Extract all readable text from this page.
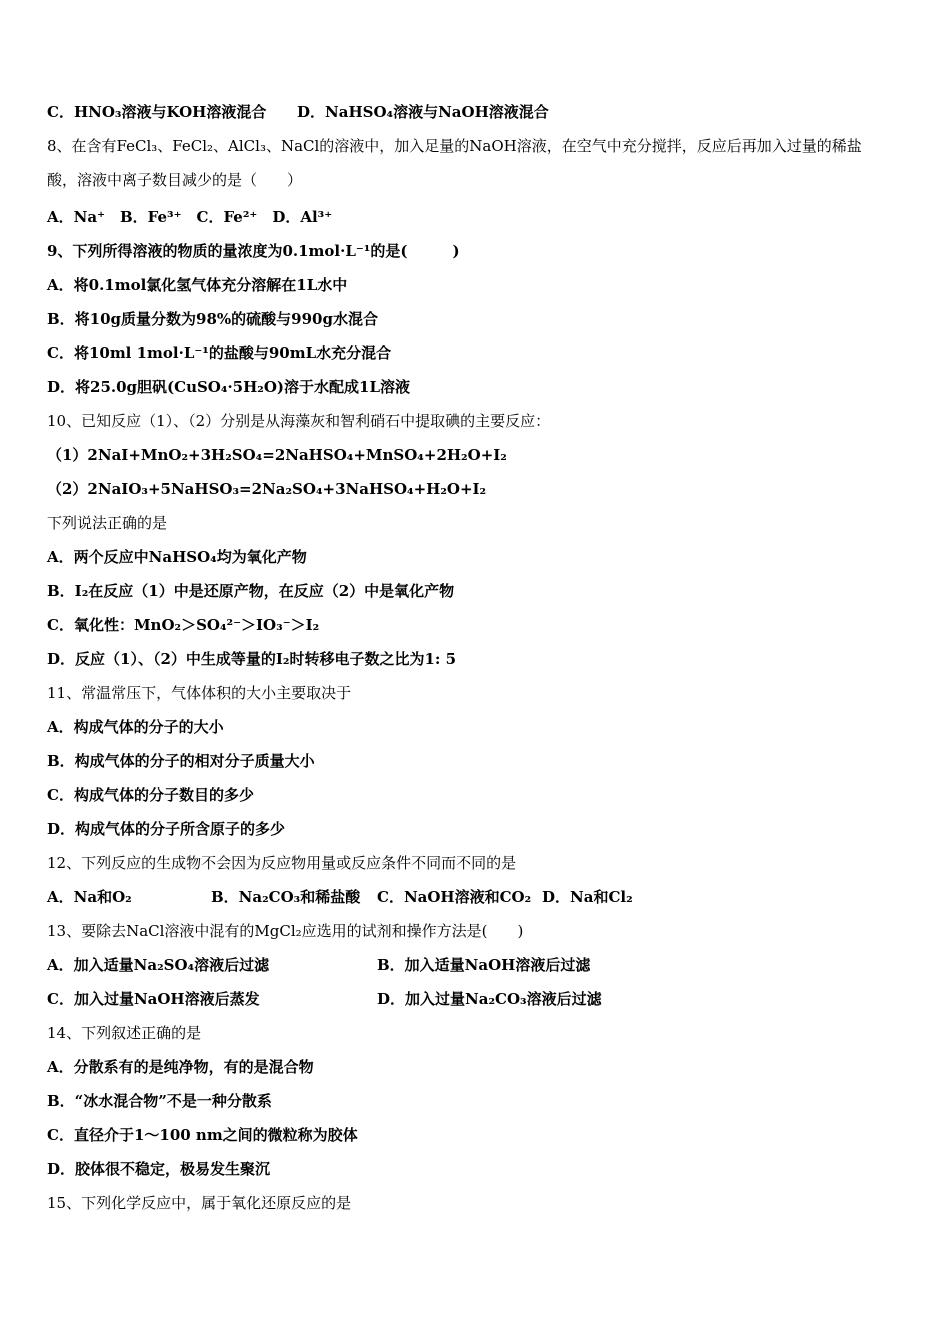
C．HNO₃溶液与KOH溶液混合 D．NaHSO₄溶液与NaOH溶液混合
8、在含有FeCl₃、FeCl₂、AlCl₃、NaCl的溶液中，加入足量的NaOH溶液，在空气中充分搅拌，反应后再加入过量的稀盐
酸，溶液中离子数目减少的是（　　）
A．Na⁺　B．Fe³⁺　C．Fe²⁺　D．Al³⁺
9、下列所得溶液的物质的量浓度为0.1mol·L⁻¹的是(　　　)
A．将0.1mol氯化氢气体充分溶解在1L水中
B．将10g质量分数为98%的硫酸与990g水混合
C．将10ml 1mol·L⁻¹的盐酸与90mL水充分混合
D．将25.0g胆矾(CuSO₄·5H₂O)溶于水配成1L溶液
10、已知反应（1）、（2）分别是从海藻灰和智利硝石中提取碘的主要反应：
（1）2NaI+MnO₂+3H₂SO₄=2NaHSO₄+MnSO₄+2H₂O+I₂
（2）2NaIO₃+5NaHSO₃=2Na₂SO₄+3NaHSO₄+H₂O+I₂
下列说法正确的是
A．两个反应中NaHSO₄均为氧化产物
B．I₂在反应（1）中是还原产物，在反应（2）中是氧化产物
C．氧化性：MnO₂＞SO₄²⁻＞IO₃⁻＞I₂
D．反应（1）、（2）中生成等量的I₂时转移电子数之比为1: 5
11、常温常压下，气体体积的大小主要取决于
A．构成气体的分子的大小
B．构成气体的分子的相对分子质量大小
C．构成气体的分子数目的多少
D．构成气体的分子所含原子的多少
12、下列反应的生成物不会因为反应物用量或反应条件不同而不同的是
A．Na和O₂	B．Na₂CO₃和稀盐酸 C．NaOH溶液和CO₂ D．Na和Cl₂
13、要除去NaCl溶液中混有的MgCl₂应选用的试剂和操作方法是(　　)
A．加入适量Na₂SO₄溶液后过滤	B．加入适量NaOH溶液后过滤
C．加入过量NaOH溶液后蒸发	D．加入过量Na₂CO₃溶液后过滤
14、下列叙述正确的是
A．分散系有的是纯净物，有的是混合物
B．“冰水混合物”不是一种分散系
C．直径介于1～100 nm之间的微粒称为胶体
D．胶体很不稳定，极易发生聚沉
15、下列化学反应中，属于氧化还原反应的是
